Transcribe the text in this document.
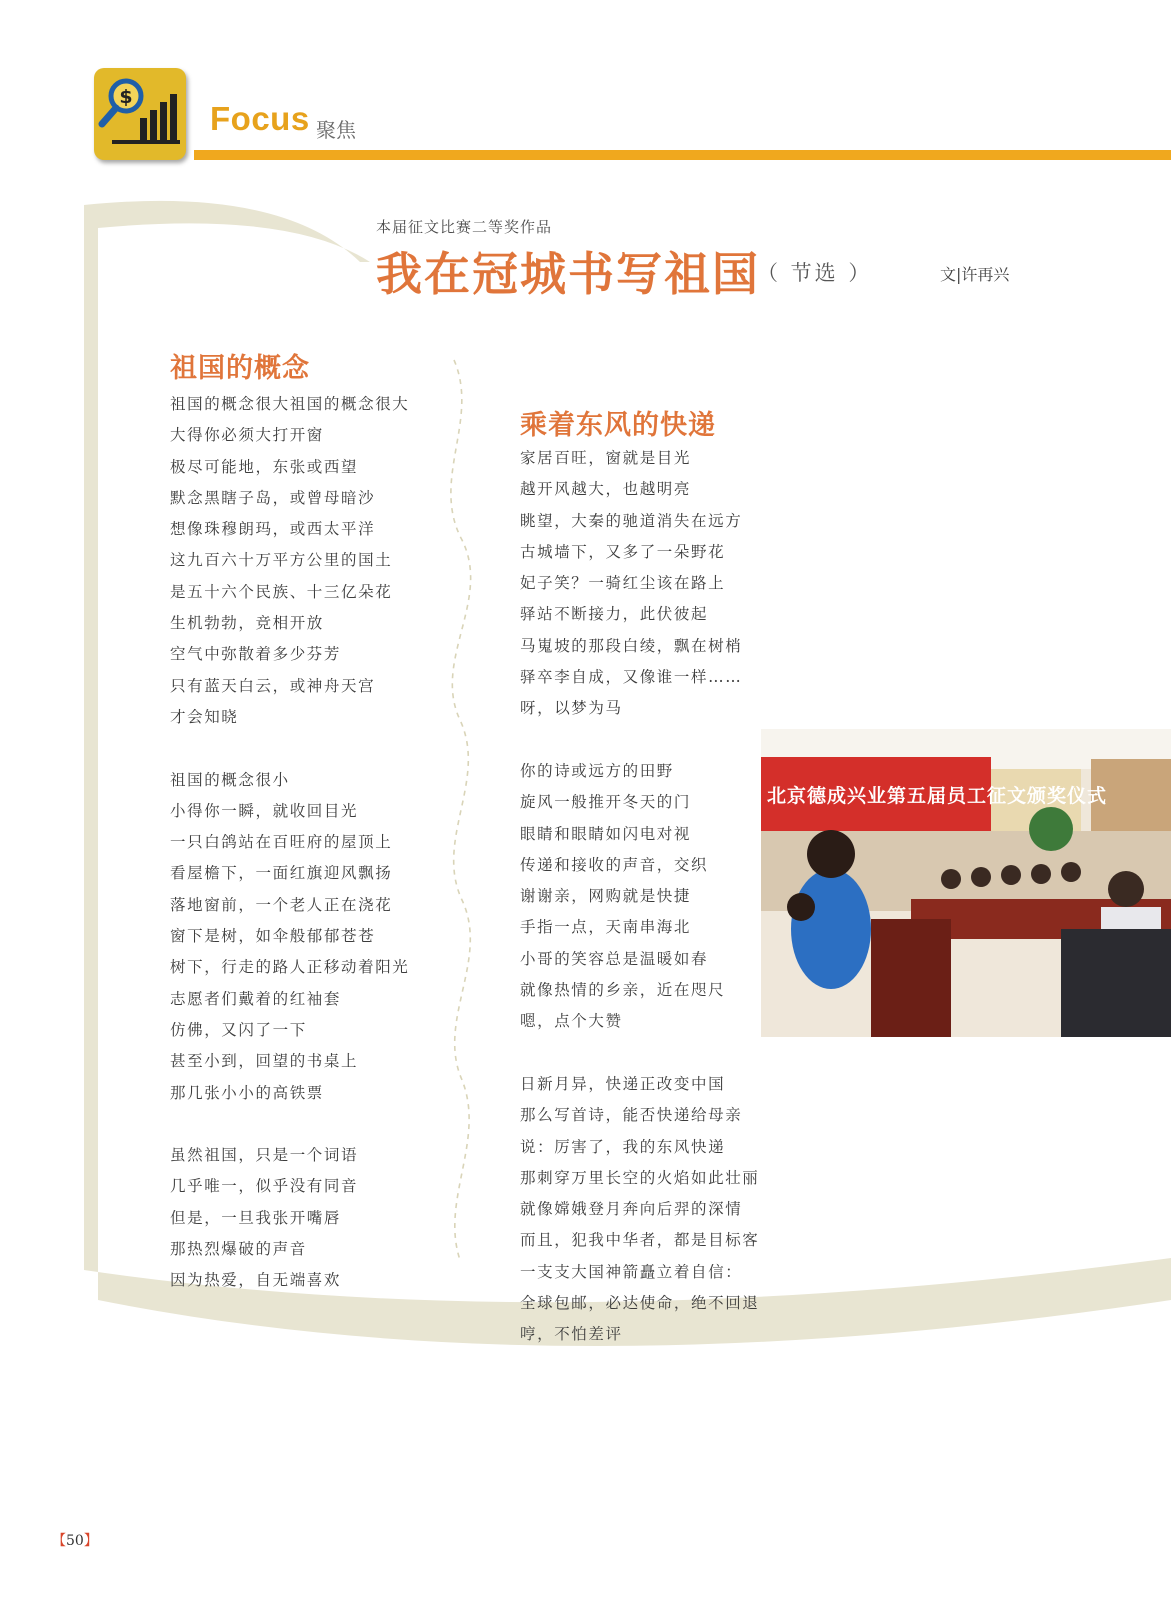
$
Focus 聚焦
本届征文比赛二等奖作品
我在冠城书写祖国
（ 节选 ）	文|许再兴
祖国的概念
祖国的概念很大祖国的概念很大
大得你必须大打开窗
极尽可能地，东张或西望
默念黑瞎子岛，或曾母暗沙
想像珠穆朗玛，或西太平洋
这九百六十万平方公里的国土
是五十六个民族、十三亿朵花
生机勃勃，竞相开放
空气中弥散着多少芬芳
只有蓝天白云，或神舟天宫
才会知晓
祖国的概念很小
小得你一瞬，就收回目光
一只白鸽站在百旺府的屋顶上
看屋檐下，一面红旗迎风飘扬
落地窗前，一个老人正在浇花
窗下是树，如伞般郁郁苍苍
树下，行走的路人正移动着阳光
志愿者们戴着的红袖套
仿佛，又闪了一下
甚至小到，回望的书桌上
那几张小小的高铁票
虽然祖国，只是一个词语
几乎唯一，似乎没有同音
但是，一旦我张开嘴唇
那热烈爆破的声音
因为热爱，自无端喜欢
乘着东风的快递
家居百旺，窗就是目光
越开风越大，也越明亮
眺望，大秦的驰道消失在远方
古城墙下，又多了一朵野花
妃子笑？一骑红尘该在路上
驿站不断接力，此伏彼起
马嵬坡的那段白绫，飘在树梢
驿卒李自成，又像谁一样……
呀，以梦为马
你的诗或远方的田野
旋风一般推开冬天的门
眼睛和眼睛如闪电对视
传递和接收的声音，交织
谢谢亲，网购就是快捷
手指一点，天南串海北
小哥的笑容总是温暖如春
就像热情的乡亲，近在咫尺
嗯，点个大赞
日新月异，快递正改变中国
那么写首诗，能否快递给母亲
说：厉害了，我的东风快递
那刺穿万里长空的火焰如此壮丽
就像嫦娥登月奔向后羿的深情
而且，犯我中华者，都是目标客
一支支大国神箭矗立着自信：
全球包邮，必达使命，绝不回退
哼，不怕差评
北京德成兴业第五届员工征文颁奖仪式
【50】
